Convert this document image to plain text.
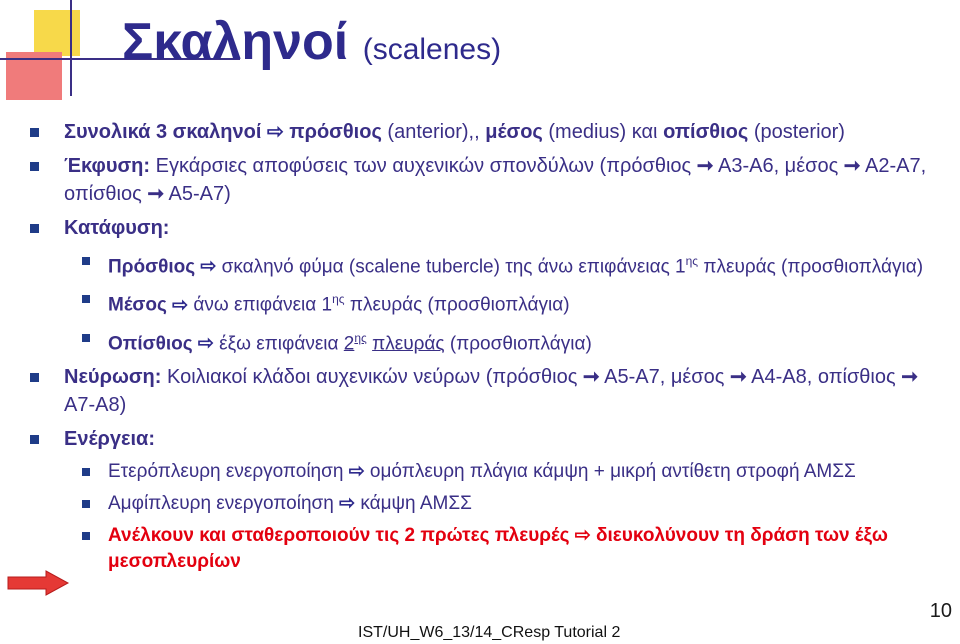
Σκαληνοί (scalenes)
Συνολικά 3 σκαληνοί ⇨ πρόσθιος (anterior),, μέσος (medius) και οπίσθιος (posterior)
Έκφυση: Εγκάρσιες αποφύσεις των αυχενικών σπονδύλων (πρόσθιος ➞ Α3-Α6, μέσος ➞ Α2-Α7, οπίσθιος ➞ Α5-Α7)
Κατάφυση:
Πρόσθιος ⇨ σκαληνό φύμα (scalene tubercle) της άνω επιφάνειας $1^{\eta\varsigma}$ πλευράς (προσθιοπλάγια)
Μέσος ⇨ άνω επιφάνεια $1^{\eta\varsigma}$ πλευράς (προσθιοπλάγια)
Οπίσθιος ⇨ έξω επιφάνεια $2^{\eta\varsigma}$ πλευράς (προσθιοπλάγια)
Νεύρωση: Κοιλιακοί κλάδοι αυχενικών νεύρων (πρόσθιος ➞ Α5-Α7, μέσος ➞ Α4-Α8, οπίσθιος ➞ Α7-Α8)
Ενέργεια:
Ετερόπλευρη ενεργοποίηση ⇨ ομόπλευρη πλάγια κάμψη + μικρή αντίθετη στροφή ΑΜΣΣ
Αμφίπλευρη ενεργοποίηση ⇨ κάμψη ΑΜΣΣ
Ανέλκουν και σταθεροποιούν τις 2 πρώτες πλευρές ⇨ διευκολύνουν τη δράση των έξω μεσοπλευρίων
10
IST/UH_W6_13/14_CResp Tutorial 2
